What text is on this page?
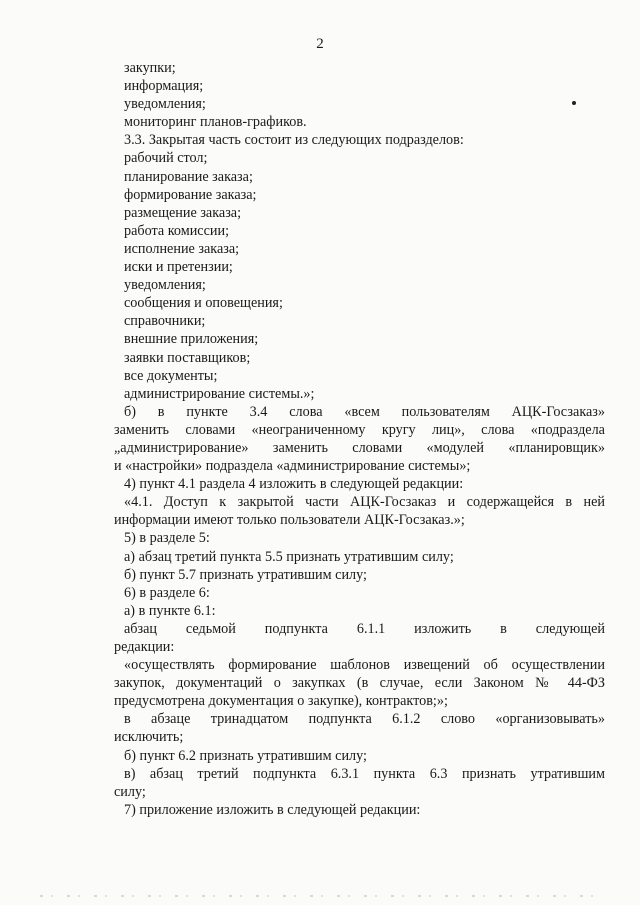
2

закупки;

информация;

уведомления;

мониторинг планов-графиков.

3.3. Закрытая часть состоит из следующих подразделов:

рабочий стол;

планирование заказа;

формирование заказа;

размещение заказа;

работа комиссии;

исполнение заказа;

иски и претензии;

уведомления;

сообщения и оповещения;

справочники;

внешние приложения;

заявки поставщиков;

все документы;

администрирование системы.»;

б) в пункте 3.4 слова «всем пользователям АЦК-Госзаказ»

заменить словами «неограниченному кругу лиц», слова «подраздела

„администрирование» заменить словами «модулей «планировщик»

и «настройки» подраздела «администрирование системы»;

4) пункт 4.1 раздела 4 изложить в следующей редакции:

«4.1. Доступ к закрытой части АЦК-Госзаказ и содержащейся в ней

информации имеют только пользователи АЦК-Госзаказ.»;

5) в разделе 5:

а) абзац третий пункта 5.5 признать утратившим силу;

б) пункт 5.7 признать утратившим силу;

6) в разделе 6:

а) в пункте 6.1:

абзац седьмой подпункта 6.1.1 изложить в следующей

редакции:

«осуществлять формирование шаблонов извещений об осуществлении

закупок, документаций о закупках (в случае, если Законом № 44-ФЗ

предусмотрена документация о закупке), контрактов;»;

в абзаце тринадцатом подпункта 6.1.2 слово «организовывать»

исключить;

б) пункт 6.2 признать утратившим силу;

в) абзац третий подпункта 6.3.1 пункта 6.3 признать утратившим

силу;

7) приложение изложить в следующей редакции:
